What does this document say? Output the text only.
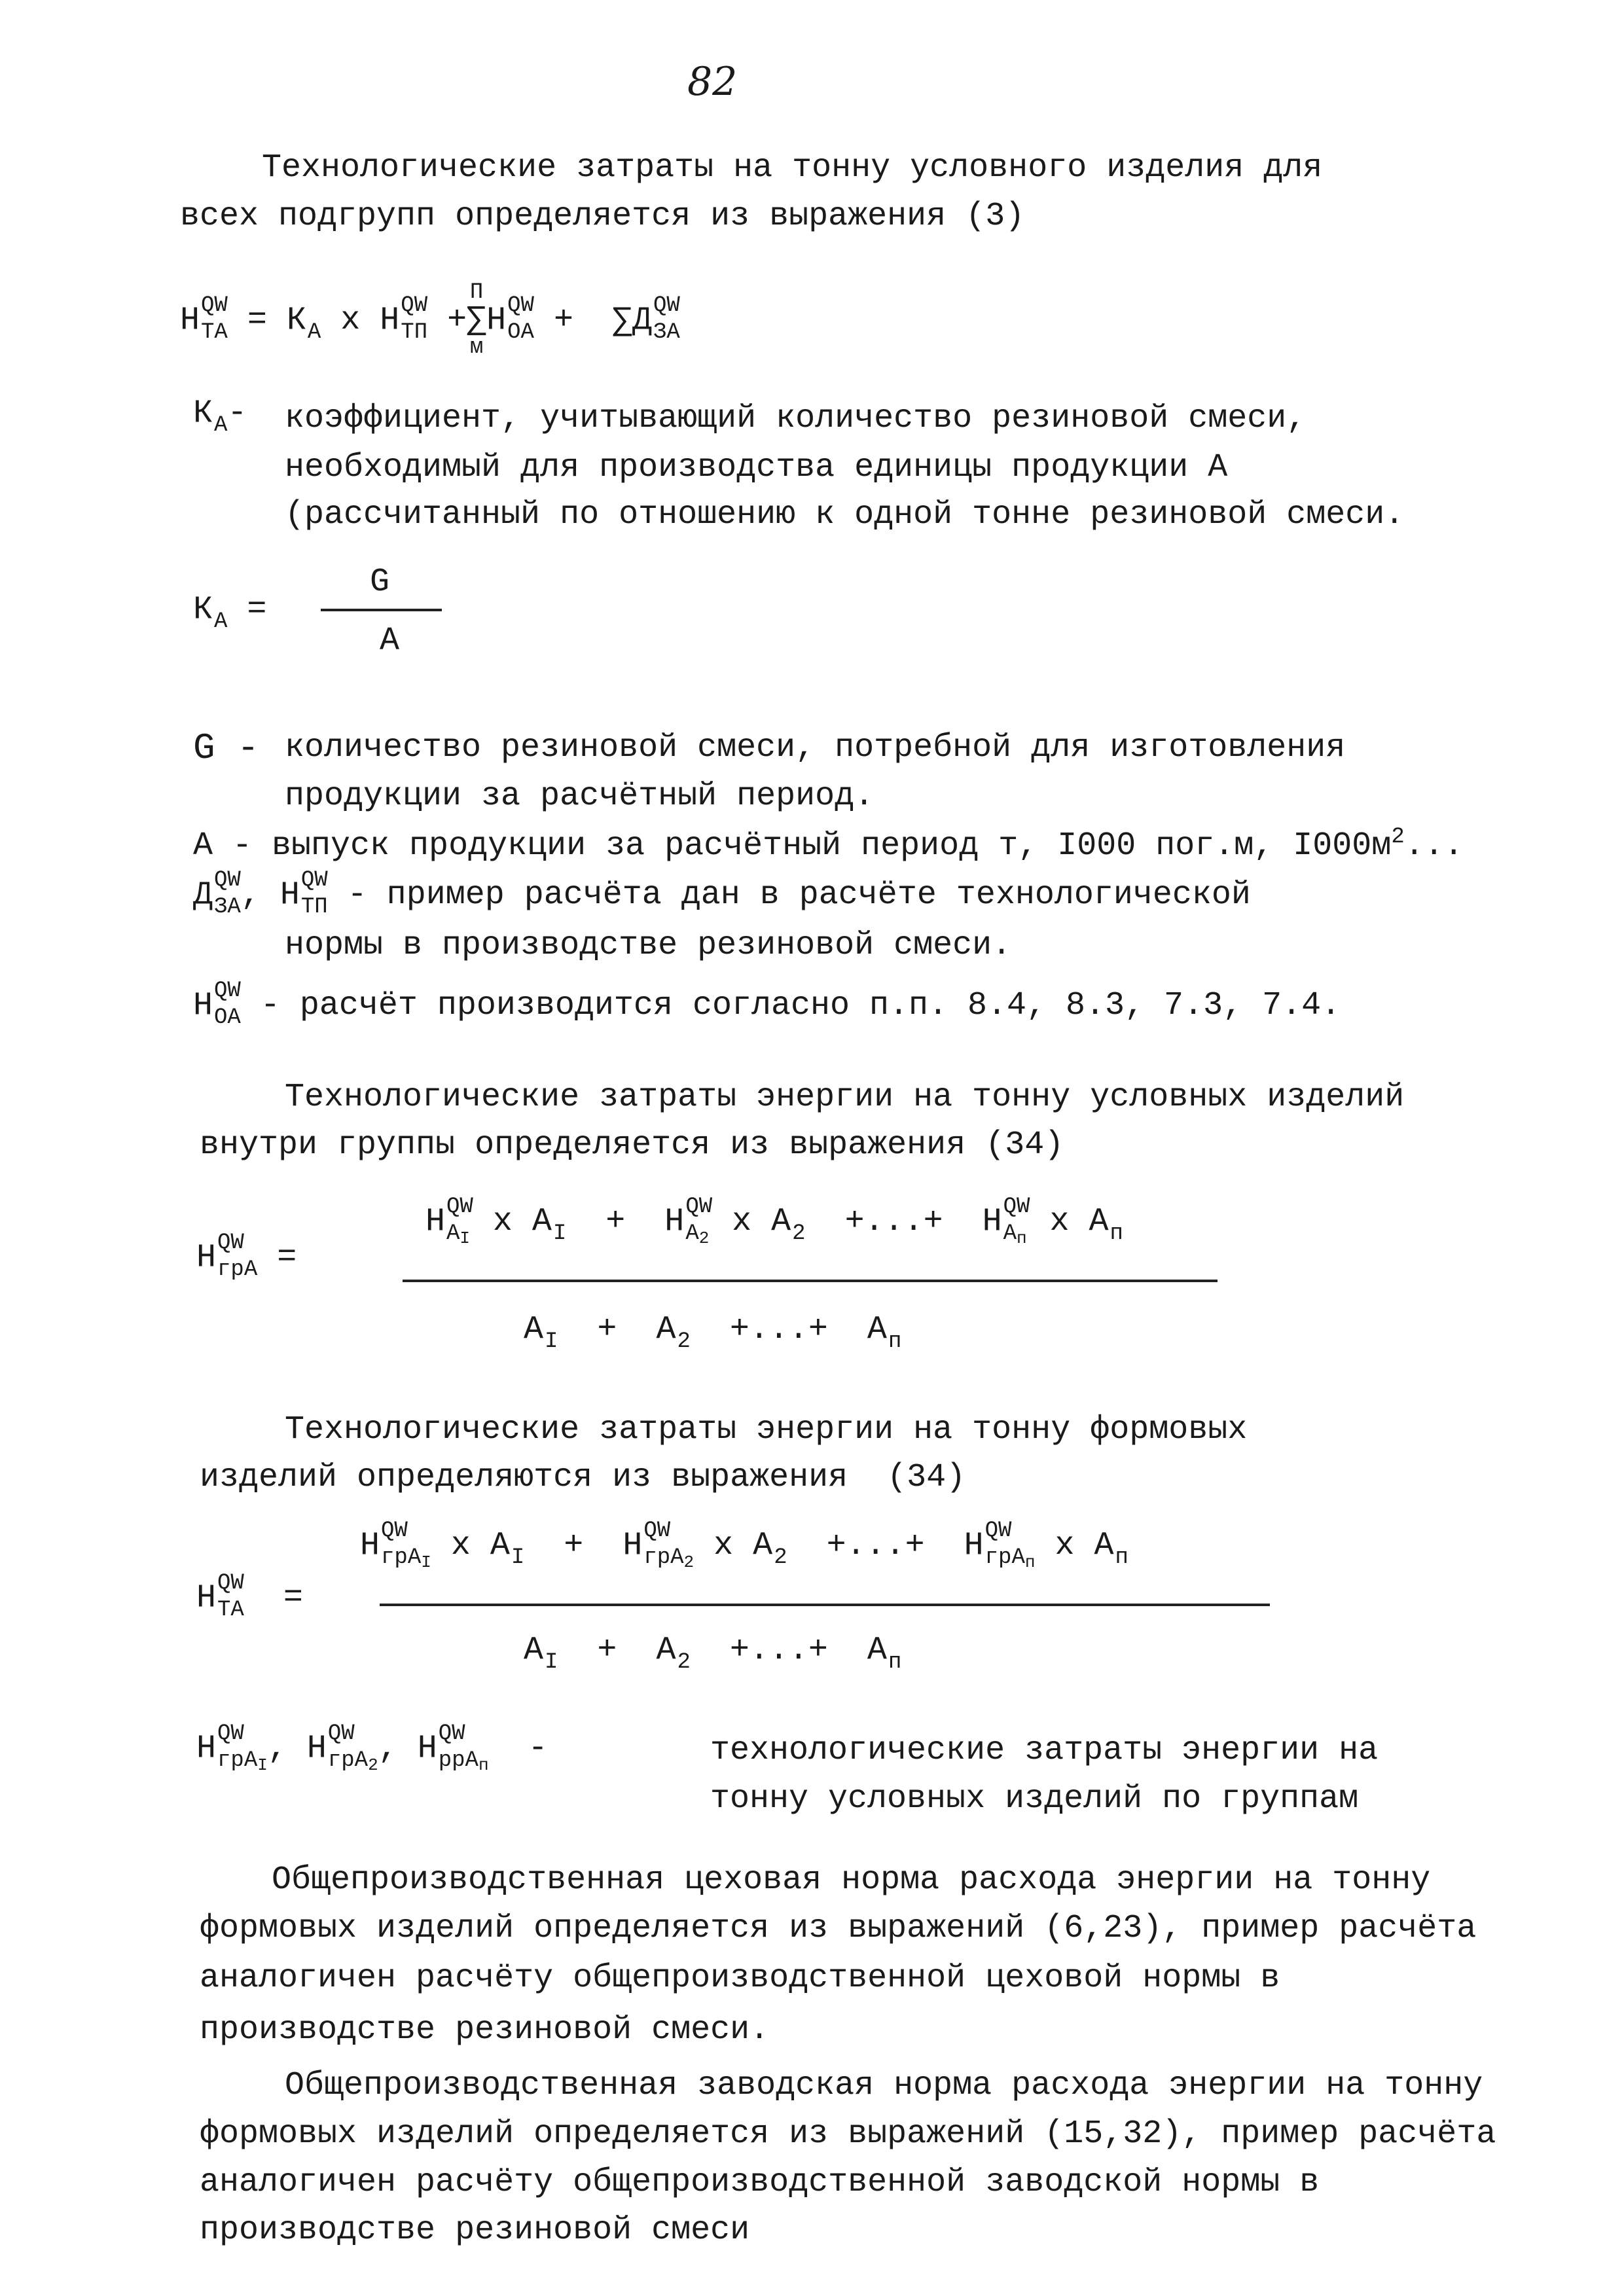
82
Технологические затраты на тонну условного изделия для
всех подгрупп определяется из выражения (3)
Н QW
ТА = К
А х Н QW
ТП +
П
∑
м
Н QW
ОА +  ∑Д QW
ЗА
К
А - коэффициент, учитывающий количество резиновой смеси,
необходимый для производства единицы продукции А
(рассчитанный по отношению к одной тонне резиновой смеси.
К
А =
G
А
G - количество резиновой смеси, потребной для изготовления
продукции за расчётный период.
А - выпуск продукции за расчётный период т, I000 пог.м, $I000м^2$...
Д QW
ЗА , Н QW
ТП - пример расчёта дан в расчёте технологической
нормы в производстве резиновой смеси.
Н QW
ОА - расчёт производится согласно п.п. 8.4, 8.3, 7.3, 7.4.
Технологические затраты энергии на тонну условных изделий
внутри группы определяется из выражения (34)
Н QW
грА =
Н QW
АI х А
I +  Н QW
А2 х А
2 +...+  Н QW
Ап х А
п
А
I +  А
2 +...+  А
п
Технологические затраты энергии на тонну формовых
изделий определяются из выражения  (34)
Н QW
ТА =
Н QW
грАI х А
I +  Н QW
грА2 х А
2 +...+  Н QW
грАп х А
п
А
I +  А
2 +...+  А
п
Н QW
грАI , Н QW
грА2 , Н QW
ррАп -	технологические затраты энергии на
тонну условных изделий по группам
Общепроизводственная цеховая норма расхода энергии на тонну
формовых изделий определяется из выражений (6,23), пример расчёта
аналогичен расчёту общепроизводственной цеховой нормы в
производстве резиновой смеси.
Общепроизводственная заводская норма расхода энергии на тонну
формовых изделий определяется из выражений (15,32), пример расчёта
аналогичен расчёту общепроизводственной заводской нормы в
производстве резиновой смеси
